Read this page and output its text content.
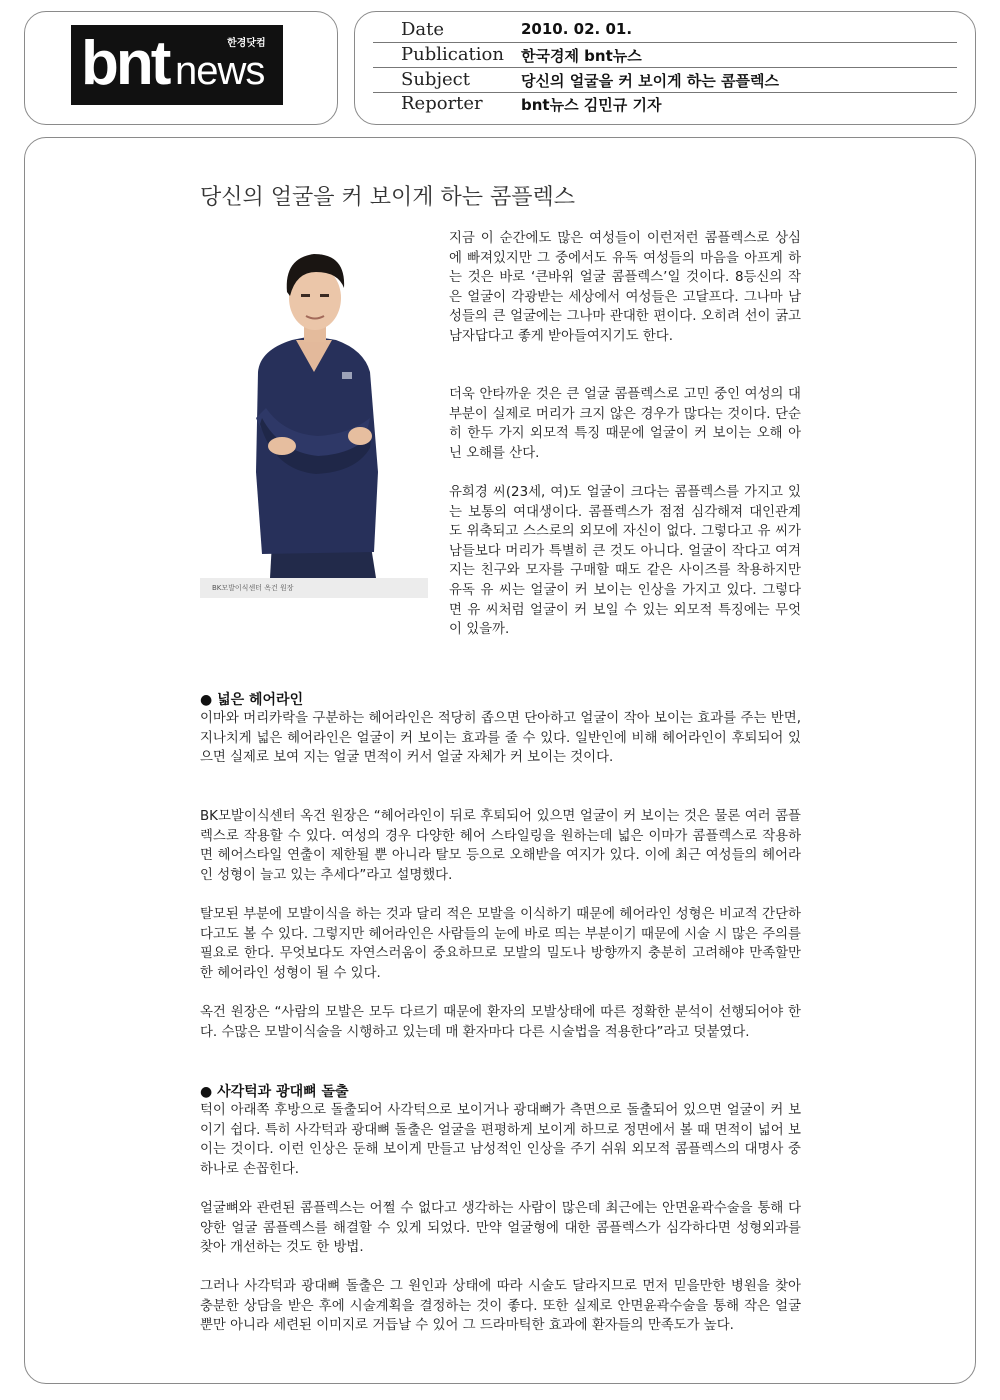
bnt news
한경닷컴
Date	2010. 02. 01.
Publication 한국경제 bnt뉴스
Subject	당신의 얼굴을 커 보이게 하는 콤플렉스
Reporter	bnt뉴스 김민규 기자
당신의 얼굴을 커 보이게 하는 콤플렉스
BK모발이식센터 옥건 원장

지금 이 순간에도 많은 여성들이 이런저런 콤플렉스로 상심에 빠져있지만 그 중에서도 유독 여성들의 마음을 아프게 하는 것은 바로 ‘큰바위 얼굴 콤플렉스’일 것이다. 8등신의 작은 얼굴이 각광받는 세상에서 여성들은 고달프다. 그나마 남성들의 큰 얼굴에는 그나마 관대한 편이다. 오히려 선이 굵고 남자답다고 좋게 받아들여지기도 한다.

더욱 안타까운 것은 큰 얼굴 콤플렉스로 고민 중인 여성의 대부분이 실제로 머리가 크지 않은 경우가 많다는 것이다. 단순히 한두 가지 외모적 특징 때문에 얼굴이 커 보이는 오해 아닌 오해를 산다.

유희경 씨(23세, 여)도 얼굴이 크다는 콤플렉스를 가지고 있는 보통의 여대생이다. 콤플렉스가 점점 심각해져 대인관계도 위축되고 스스로의 외모에 자신이 없다. 그렇다고 유 씨가 남들보다 머리가 특별히 큰 것도 아니다. 얼굴이 작다고 여겨지는 친구와 모자를 구매할 때도 같은 사이즈를 착용하지만 유독 유 씨는 얼굴이 커 보이는 인상을 가지고 있다. 그렇다면 유 씨처럼 얼굴이 커 보일 수 있는 외모적 특징에는 무엇이 있을까.

● 넓은 헤어라인

이마와 머리카락을 구분하는 헤어라인은 적당히 좁으면 단아하고 얼굴이 작아 보이는 효과를 주는 반면, 지나치게 넓은 헤어라인은 얼굴이 커 보이는 효과를 줄 수 있다. 일반인에 비해 헤어라인이 후퇴되어 있으면 실제로 보여 지는 얼굴 면적이 커서 얼굴 자체가 커 보이는 것이다.

BK모발이식센터 옥건 원장은 “헤어라인이 뒤로 후퇴되어 있으면 얼굴이 커 보이는 것은 물론 여러 콤플렉스로 작용할 수 있다. 여성의 경우 다양한 헤어 스타일링을 원하는데 넓은 이마가 콤플렉스로 작용하면 헤어스타일 연출이 제한될 뿐 아니라 탈모 등으로 오해받을 여지가 있다. 이에 최근 여성들의 헤어라인 성형이 늘고 있는 추세다”라고 설명했다.

탈모된 부분에 모발이식을 하는 것과 달리 적은 모발을 이식하기 때문에 헤어라인 성형은 비교적 간단하다고도 볼 수 있다. 그렇지만 헤어라인은 사람들의 눈에 바로 띄는 부분이기 때문에 시술 시 많은 주의를 필요로 한다. 무엇보다도 자연스러움이 중요하므로 모발의 밀도나 방향까지 충분히 고려해야 만족할만한 헤어라인 성형이 될 수 있다.

옥건 원장은 “사람의 모발은 모두 다르기 때문에 환자의 모발상태에 따른 정확한 분석이 선행되어야 한다. 수많은 모발이식술을 시행하고 있는데 매 환자마다 다른 시술법을 적용한다”라고 덧붙였다.

● 사각턱과 광대뼈 돌출

턱이 아래쪽 후방으로 돌출되어 사각턱으로 보이거나 광대뼈가 측면으로 돌출되어 있으면 얼굴이 커 보이기 쉽다. 특히 사각턱과 광대뼈 돌출은 얼굴을 편평하게 보이게 하므로 정면에서 볼 때 면적이 넓어 보이는 것이다. 이런 인상은 둔해 보이게 만들고 남성적인 인상을 주기 쉬워 외모적 콤플렉스의 대명사 중 하나로 손꼽힌다.

얼굴뼈와 관련된 콤플렉스는 어쩔 수 없다고 생각하는 사람이 많은데 최근에는 안면윤곽수술을 통해 다양한 얼굴 콤플렉스를 해결할 수 있게 되었다. 만약 얼굴형에 대한 콤플렉스가 심각하다면 성형외과를 찾아 개선하는 것도 한 방법.

그러나 사각턱과 광대뼈 돌출은 그 원인과 상태에 따라 시술도 달라지므로 먼저 믿을만한 병원을 찾아 충분한 상담을 받은 후에 시술계획을 결정하는 것이 좋다. 또한 실제로 안면윤곽수술을 통해 작은 얼굴 뿐만 아니라 세련된 이미지로 거듭날 수 있어 그 드라마틱한 효과에 환자들의 만족도가 높다.
